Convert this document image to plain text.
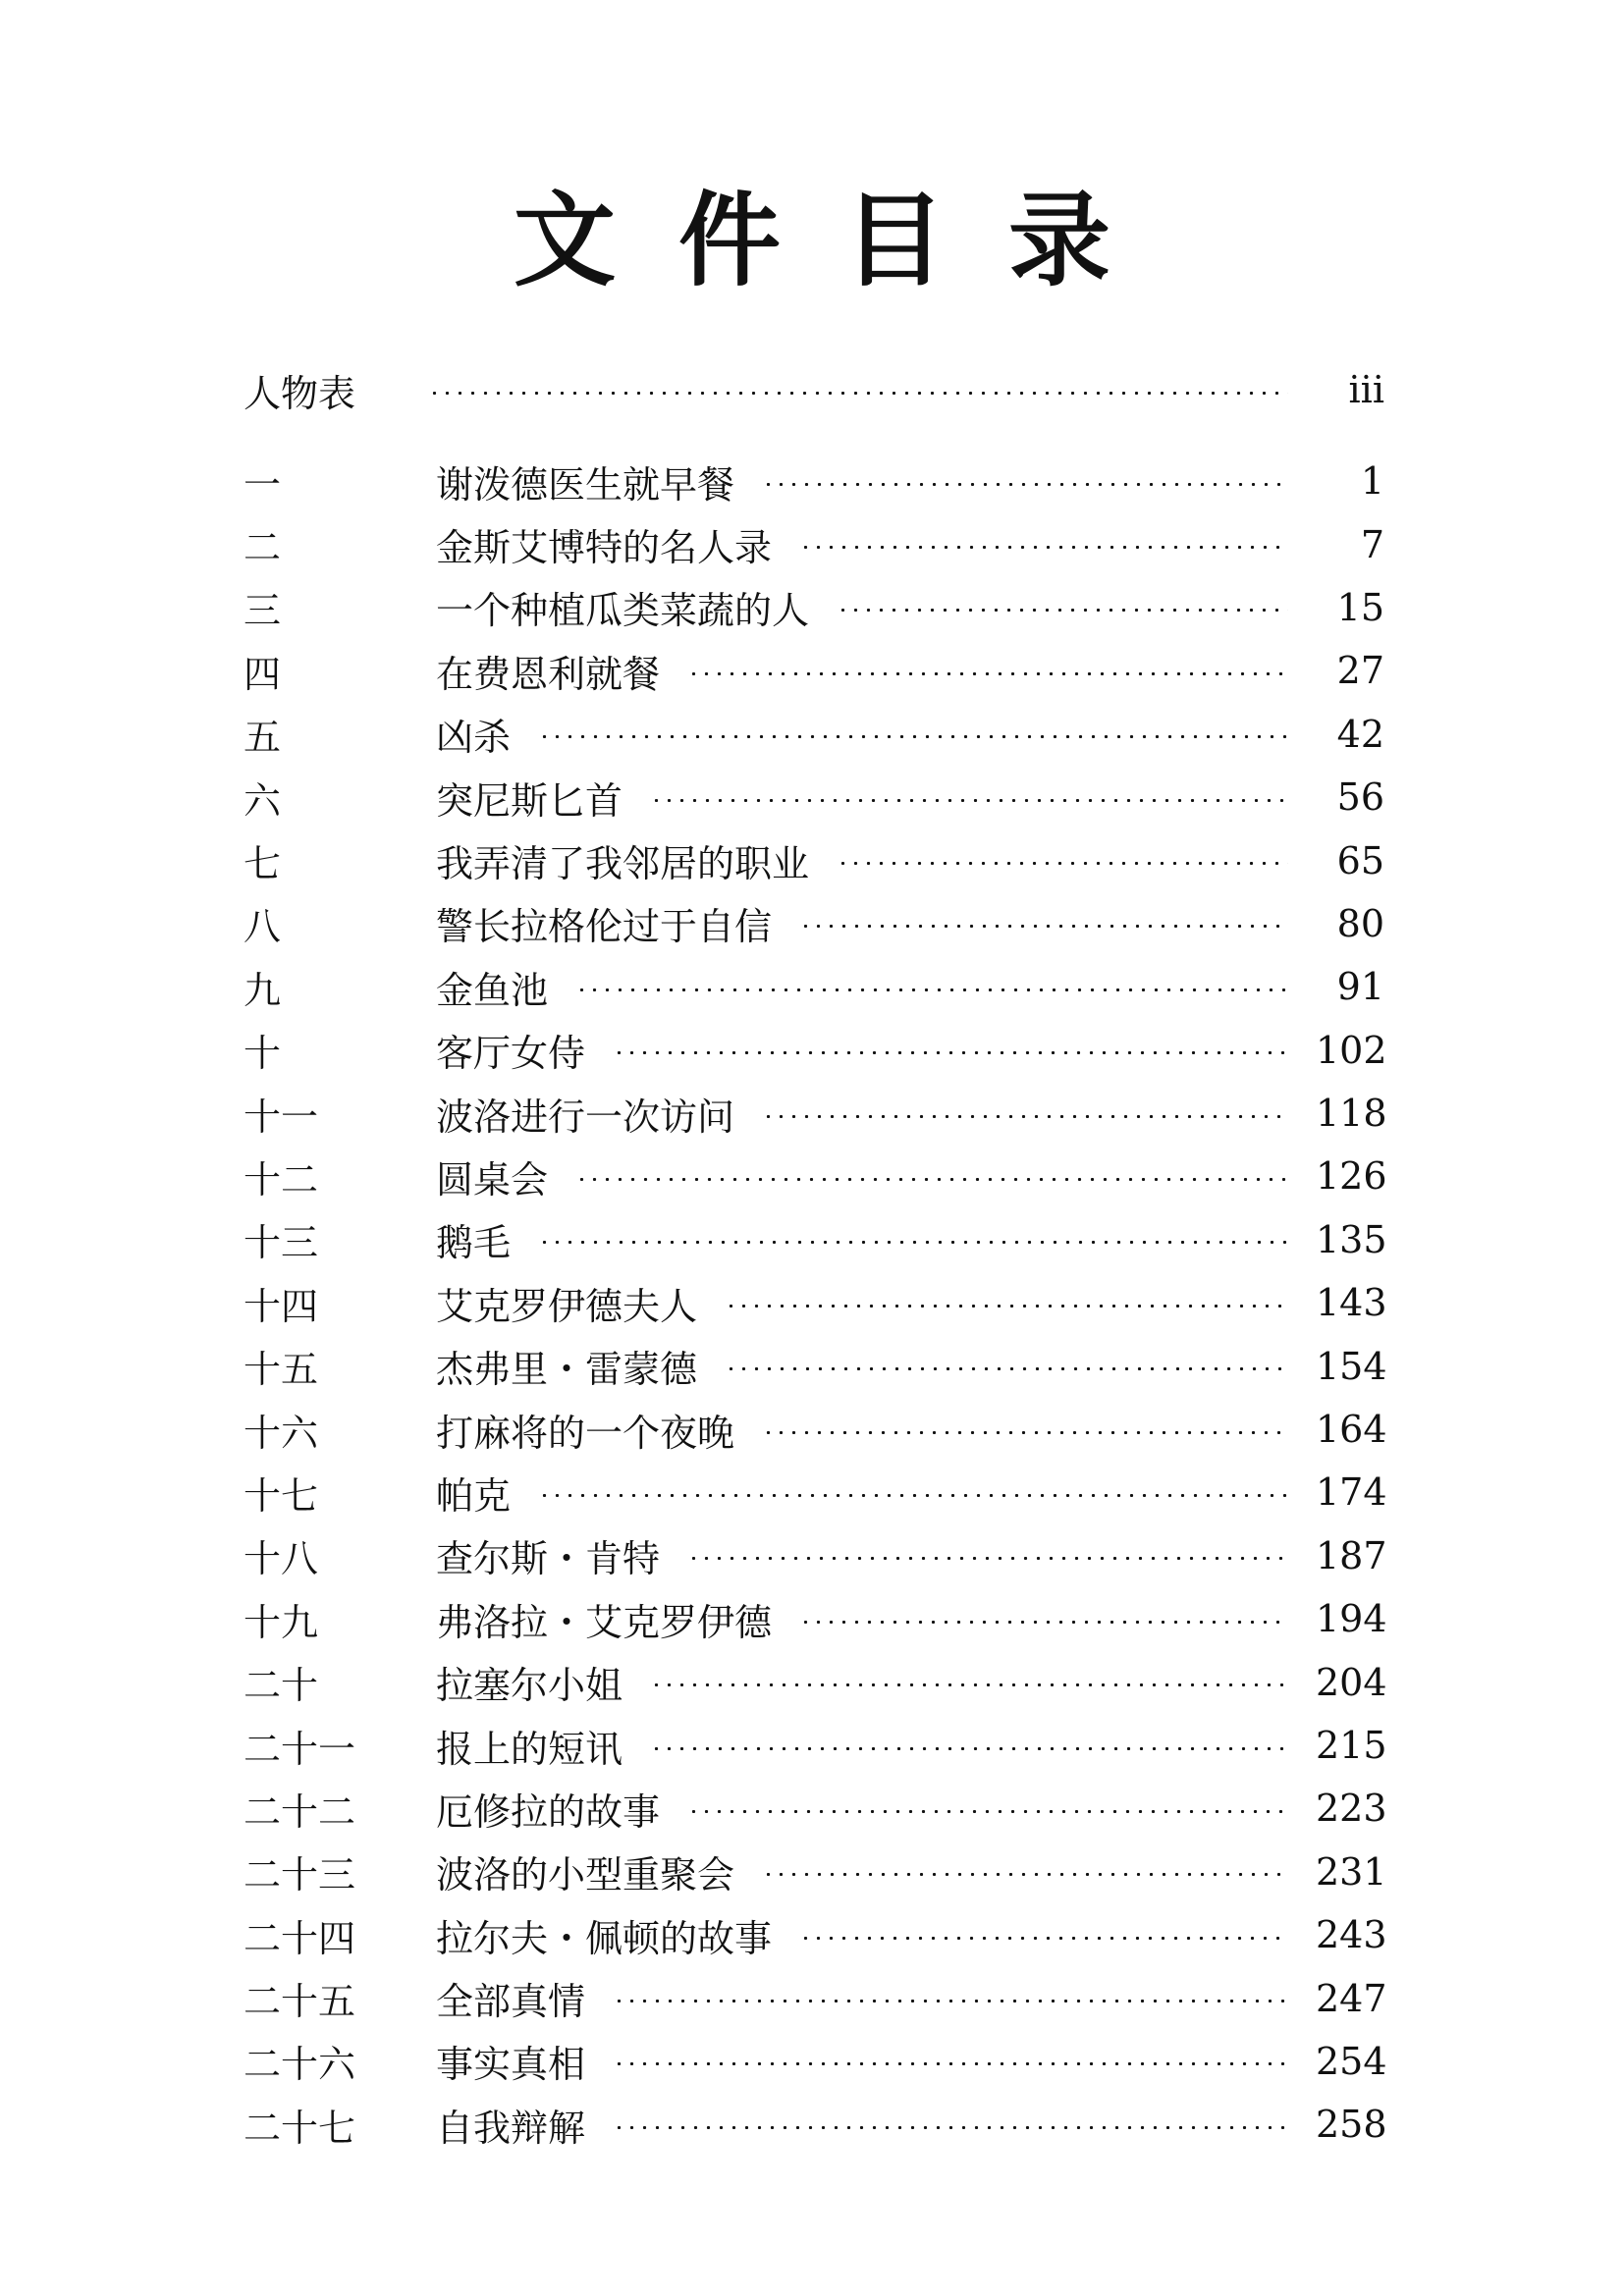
文件目录
人物表	iii
一	谢泼德医生就早餐	1
二	金斯艾博特的名人录	7
三	一个种植瓜类菜蔬的人	15
四	在费恩利就餐	27
五	凶杀	42
六	突尼斯匕首	56
七	我弄清了我邻居的职业	65
八	警长拉格伦过于自信	80
九	金鱼池	91
十	客厅女侍	102
十一	波洛进行一次访问	118
十二	圆桌会	126
十三	鹅毛	135
十四	艾克罗伊德夫人	143
十五	杰弗里・雷蒙德	154
十六	打麻将的一个夜晚	164
十七	帕克	174
十八	查尔斯・肯特	187
十九	弗洛拉・艾克罗伊德	194
二十	拉塞尔小姐	204
二十一	报上的短讯	215
二十二	厄修拉的故事	223
二十三	波洛的小型重聚会	231
二十四	拉尔夫・佩顿的故事	243
二十五	全部真情	247
二十六	事实真相	254
二十七	自我辩解	258
